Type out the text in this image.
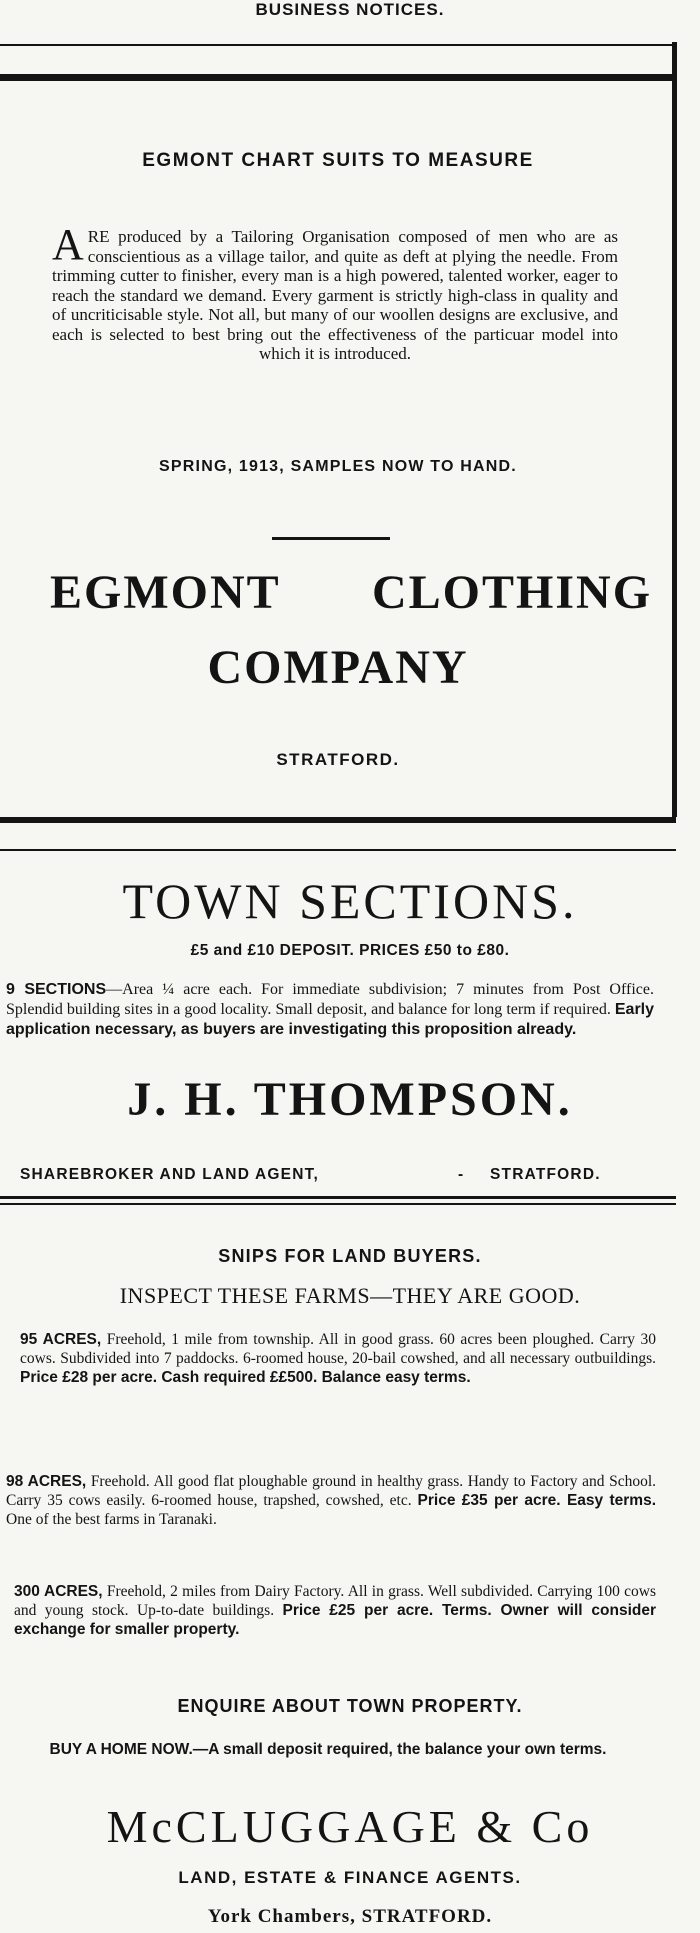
BUSINESS NOTICES.
EGMONT CHART SUITS TO MEASURE
A RE produced by a Tailoring Organisation composed of men who are as conscientious as a village tailor, and quite as deft at plying the needle. From trimming cutter to finisher, every man is a high powered, talented worker, eager to reach the standard we demand. Every garment is strictly high-class in quality and of uncriticisable style. Not all, but many of our woollen designs are exclusive, and each is selected to best bring out the effectiveness of the particuar model into which it is introduced.
SPRING, 1913, SAMPLES NOW TO HAND.
EGMONT CLOTHING
COMPANY
STRATFORD.
TOWN SECTIONS.
£5 and £10 DEPOSIT. PRICES £50 to £80.
9 SECTIONS—Area ¼ acre each. For immediate subdivision; 7 minutes from Post Office. Splendid building sites in a good locality. Small deposit, and balance for long term if required. Early application necessary, as buyers are investigating this proposition already.
J. H. THOMPSON.
SHAREBROKER AND LAND AGENT,	- STRATFORD.
SNIPS FOR LAND BUYERS.
INSPECT THESE FARMS—THEY ARE GOOD.
95 ACRES, Freehold, 1 mile from township. All in good grass. 60 acres been ploughed. Carry 30 cows. Subdivided into 7 paddocks. 6-roomed house, 20-bail cowshed, and all necessary outbuildings. Price £28 per acre. Cash required ££500. Balance easy terms.
98 ACRES, Freehold. All good flat ploughable ground in healthy grass. Handy to Factory and School. Carry 35 cows easily. 6-roomed house, trapshed, cowshed, etc. Price £35 per acre. Easy terms. One of the best farms in Taranaki.
300 ACRES, Freehold, 2 miles from Dairy Factory. All in grass. Well subdivided. Carrying 100 cows and young stock. Up-to-date buildings. Price £25 per acre. Terms. Owner will consider exchange for smaller property.
ENQUIRE ABOUT TOWN PROPERTY.
BUY A HOME NOW.—A small deposit required, the balance your own terms.
McCLUGGAGE & Co
LAND, ESTATE & FINANCE AGENTS.
York Chambers, STRATFORD.
